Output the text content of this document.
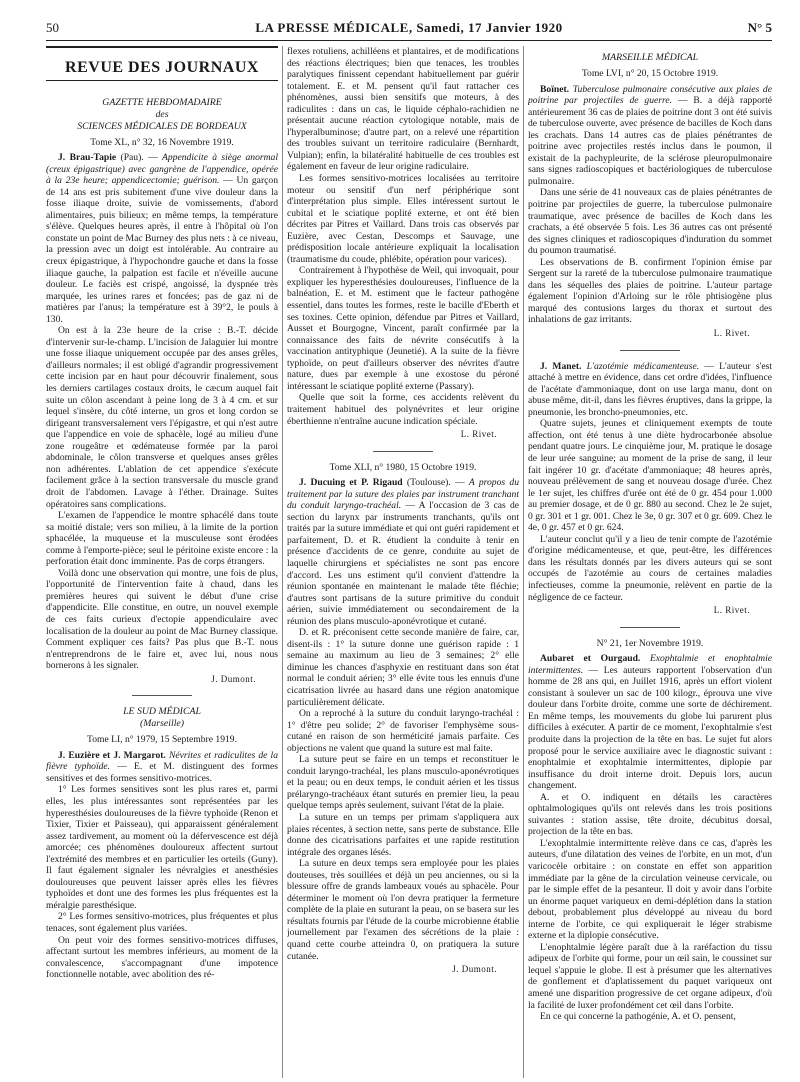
50	LA PRESSE MÉDICALE, Samedi, 17 Janvier 1920	N° 5
REVUE DES JOURNAUX
GAZETTE HEBDOMADAIRE
des
SCIENCES MÉDICALES DE BORDEAUX
Tome XL, n° 32, 16 Novembre 1919.

J. Brau-Tapie (Pau). — Appendicite à siège anormal (creux épigastrique) avec gangrène de l'appendice, opérée à la 23e heure; appendicectomie; guérison. — Un garçon de 14 ans est pris subitement d'une vive douleur dans la fosse iliaque droite, suivie de vomissements, d'abord alimentaires, puis bilieux; en même temps, la température s'élève. Quelques heures après, il entre à l'hôpital où l'on constate un point de Mac Burney des plus nets : à ce niveau, la pression avec un doigt est intolérable. Au contraire au creux épigastrique, à l'hypochondre gauche et dans la fosse iliaque gauche, la palpation est facile et n'éveille aucune douleur. Le faciès est crispé, angoissé, la dyspnée très marquée, les urines rares et foncées; pas de gaz ni de matières par l'anus; la température est à 39°2, le pouls à 130.

On est à la 23e heure de la crise : B.-T. décide d'intervenir sur-le-champ. L'incision de Jalaguier lui montre une fosse iliaque uniquement occupée par des anses grêles, d'ailleurs normales; il est obligé d'agrandir progressivement cette incision par en haut pour découvrir finalement, sous les derniers cartilages costaux droits, le cæcum auquel fait suite un côlon ascendant à peine long de 3 à 4 cm. et sur lequel s'insère, du côté interne, un gros et long cordon se dirigeant transversalement vers l'épigastre, et qui n'est autre que l'appendice en voie de sphacèle, logé au milieu d'une zone rougeâtre et œdémateuse formée par la paroi abdominale, le côlon transverse et quelques anses grêles non adhérentes. L'ablation de cet appendice s'exécute facilement grâce à la section transversale du muscle grand droit de l'abdomen. Lavage à l'éther. Drainage. Suites opératoires sans complications.

L'examen de l'appendice le montre sphacélé dans toute sa moitié distale; vers son milieu, à la limite de la portion sphacélée, la muqueuse et la musculeuse sont érodées comme à l'emporte-pièce; seul le péritoine existe encore : la perforation était donc imminente. Pas de corps étrangers.

Voilà donc une observation qui montre, une fois de plus, l'opportunité de l'intervention faite à chaud, dans les premières heures qui suivent le début d'une crise d'appendicite. Elle constitue, en outre, un nouvel exemple de ces faits curieux d'ectopie appendiculaire avec localisation de la douleur au point de Mac Burney classique. Comment expliquer ces faits? Pas plus que B.-T. nous n'entreprendrons de le faire et, avec lui, nous nous bornerons à les signaler.

J. Dumont.
LE SUD MÉDICAL
(Marseille)
Tome LI, n° 1979, 15 Septembre 1919.

J. Euzière et J. Margarot. Névrites et radiculites de la fièvre typhoïde. — E. et M. distinguent des formes sensitives et des formes sensitivo-motrices.

1° Les formes sensitives sont les plus rares et, parmi elles, les plus intéressantes sont représentées par les hyperesthésies douloureuses de la fièvre typhoïde (Renon et Tixier, Tixier et Paisseau), qui apparaissent généralement assez tardivement, au moment où la défervescence est déjà amorcée; ces phénomènes douloureux affectent surtout l'extrémité des membres et en particulier les orteils (Guny). Il faut également signaler les névralgies et anesthésies douloureuses que peuvent laisser après elles les fièvres typhoïdes et dont une des formes les plus fréquentes est la méralgie paresthésique.

2° Les formes sensitivo-motrices, plus fréquentes et plus tenaces, sont également plus variées.

On peut voir des formes sensitivo-motrices diffuses, affectant surtout les membres inférieurs, au moment de la convalescence, s'accompagnant d'une impotence fonctionnelle notable, avec abolition des ré-

flexes rotuliens, achilléens et plantaires, et de modifications des réactions électriques; bien que tenaces, les troubles paralytiques finissent cependant habituellement par guérir totalement. E. et M. pensent qu'il faut rattacher ces phénomènes, aussi bien sensitifs que moteurs, à des radiculites : dans un cas, le liquide céphalo-rachidien ne présentait aucune réaction cytologique notable, mais de l'hyperalbuminose; d'autre part, on a relevé une répartition des troubles suivant un territoire radiculaire (Bernhardt, Vulpian); enfin, la bilatéralité habituelle de ces troubles est également en faveur de leur origine radiculaire.

Les formes sensitivo-motrices localisées au territoire moteur ou sensitif d'un nerf périphérique sont d'interprétation plus simple. Elles intéressent surtout le cubital et le sciatique poplité externe, et ont été bien décrites par Pitres et Vaillard. Dans trois cas observés par Euzière, avec Cestan, Descomps et Sauvage, une prédisposition locale antérieure expliquait la localisation (traumatisme du coude, phlébite, opération pour varices).

Contrairement à l'hypothèse de Weil, qui invoquait, pour expliquer les hyperesthésies douloureuses, l'influence de la balnéation, E. et M. estiment que le facteur pathogène essentiel, dans toutes les formes, reste le bacille d'Eberth et ses toxines. Cette opinion, défendue par Pitres et Vaillard, Ausset et Bourgogne, Vincent, paraît confirmée par la connaissance des faits de névrite consécutifs à la vaccination antityphique (Jeunetié). A la suite de la fièvre typhoïde, on peut d'ailleurs observer des névrites d'autre nature, dues par exemple à une exostose du péroné intéressant le sciatique poplité externe (Passary).

Quelle que soit la forme, ces accidents relèvent du traitement habituel des polynévrites et leur origine éberthienne n'entraîne aucune indication spéciale.

L. Rivet.
Tome XLI, n° 1980, 15 Octobre 1919.

J. Ducuing et P. Rigaud (Toulouse). — A propos du traitement par la suture des plaies par instrument tranchant du conduit laryngo-trachéal. — A l'occasion de 3 cas de section du larynx par instruments tranchants, qu'ils ont traités par la suture immédiate et qui ont guéri rapidement et parfaitement, D. et R. étudient la conduite à tenir en présence d'accidents de ce genre, conduite au sujet de laquelle chirurgiens et spécialistes ne sont pas encore d'accord. Les uns estiment qu'il convient d'attendre la réunion spontanée en maintenant le malade tête fléchie; d'autres sont partisans de la suture primitive du conduit aérien, suivie immédiatement ou secondairement de la réunion des plans musculo-aponévrotique et cutané.

D. et R. préconisent cette seconde manière de faire, car, disent-ils : 1° la suture donne une guérison rapide : 1 semaine au maximum au lieu de 3 semaines; 2° elle diminue les chances d'asphyxie en restituant dans son état normal le conduit aérien; 3° elle évite tous les ennuis d'une cicatrisation livrée au hasard dans une région anatomique particulièrement délicate.

On a reproché à la suture du conduit laryngo-trachéal : 1° d'être peu solide; 2° de favoriser l'emphysème sous-cutané en raison de son herméticité jamais parfaite. Ces objections ne valent que quand la suture est mal faite.

La suture peut se faire en un temps et reconstituer le conduit laryngo-trachéal, les plans musculo-aponévrotiques et la peau; ou en deux temps, le conduit aérien et les tissus prélaryngo-trachéaux étant suturés en premier lieu, la peau quelque temps après seulement, suivant l'état de la plaie.

La suture en un temps per primam s'appliquera aux plaies récentes, à section nette, sans perte de substance. Elle donne des cicatrisations parfaites et une rapide restitution intégrale des organes lésés.

La suture en deux temps sera employée pour les plaies douteuses, très souillées et déjà un peu anciennes, ou si la blessure offre de grands lambeaux voués au sphacèle. Pour déterminer le moment où l'on devra pratiquer la fermeture complète de la plaie en suturant la peau, on se basera sur les résultats fournis par l'étude de la courbe microbienne établie journellement par l'examen des sécrétions de la plaie : quand cette courbe atteindra 0, on pratiquera la suture cutanée.

J. Dumont.
MARSEILLE MÉDICAL
Tome LVI, n° 20, 15 Octobre 1919.

Boïnet. Tuberculose pulmonaire consécutive aux plaies de poitrine par projectiles de guerre. — B. a déjà rapporté antérieurement 36 cas de plaies de poitrine dont 3 ont été suivis de tuberculose ouverte, avec présence de bacilles de Koch dans les crachats. Dans 14 autres cas de plaies pénétrantes de poitrine avec projectiles restés inclus dans le poumon, il existait de la pachypleurite, de la sclérose pleuropulmonaire sans signes radioscopiques et bactériologiques de tuberculose pulmonaire.

Dans une série de 41 nouveaux cas de plaies pénétrantes de poitrine par projectiles de guerre, la tuberculose pulmonaire traumatique, avec présence de bacilles de Koch dans les crachats, a été observée 5 fois. Les 36 autres cas ont présenté des signes cliniques et radioscopiques d'induration du sommet du poumon traumatisé.

Les observations de B. confirment l'opinion émise par Sergent sur la rareté de la tuberculose pulmonaire traumatique dans les séquelles des plaies de poitrine. L'auteur partage également l'opinion d'Arloing sur le rôle phtisiogène plus marqué des contusions larges du thorax et surtout des inhalations de gaz irritants.

L. Rivet.

J. Manet. L'azotémie médicamenteuse. — L'auteur s'est attaché à mettre en évidence, dans cet ordre d'idées, l'influence de l'acétate d'ammoniaque, dont on use larga manu, dont on abuse même, dit-il, dans les fièvres éruptives, dans la grippe, la pneumonie, les broncho-pneumonies, etc.

Quatre sujets, jeunes et cliniquement exempts de toute affection, ont été tenus à une diète hydrocarbonée absolue pendant quatre jours. Le cinquième jour, M. pratique le dosage de leur urée sanguine; au moment de la prise de sang, il leur fait ingérer 10 gr. d'acétate d'ammoniaque; 48 heures après, nouveau prélèvement de sang et nouveau dosage d'urée. Chez le 1er sujet, les chiffres d'urée ont été de 0 gr. 454 pour 1.000 au premier dosage, et de 0 gr. 880 au second. Chez le 2e sujet, 0 gr. 301 et 1 gr. 001. Chez le 3e, 0 gr. 307 et 0 gr. 609. Chez le 4e, 0 gr. 457 et 0 gr. 624.

L'auteur conclut qu'il y a lieu de tenir compte de l'azotémie d'origine médicamenteuse, et que, peut-être, les différences dans les résultats donnés par les divers auteurs qui se sont occupés de l'azotémie au cours de certaines maladies infectieuses, comme la pneumonie, relèvent en partie de la négligence de ce facteur.

L. Rivet.
N° 21, 1er Novembre 1919.

Aubaret et Ourgaud. Exophtalmie et enophtalmie intermittentes. — Les auteurs rapportent l'observation d'un homme de 28 ans qui, en Juillet 1916, après un effort violent consistant à soulever un sac de 100 kilogr., éprouva une vive douleur dans l'orbite droite, comme une sorte de déchirement. En même temps, les mouvements du globe lui parurent plus difficiles à exécuter. A partir de ce moment, l'exophtalmie s'est produite dans la projection de la tête en bas. Le sujet fut alors proposé pour le service auxiliaire avec le diagnostic suivant : enophtalmie et exophtalmie intermittentes, diplopie par insuffisance du droit interne droit. Depuis lors, aucun changement.

A. et O. indiquent en détails les caractères ophtalmologiques qu'ils ont relevés dans les trois positions suivantes : station assise, tête droite, décubitus dorsal, projection de la tête en bas.

L'exophtalmie intermittente relève dans ce cas, d'après les auteurs, d'une dilatation des veines de l'orbite, en un mot, d'un varicocèle orbitaire : on constate en effet son apparition immédiate par la gêne de la circulation veineuse cervicale, ou par le simple effet de la pesanteur. Il doit y avoir dans l'orbite un énorme paquet variqueux en demi-déplétion dans la station debout, probablement plus développé au niveau du bord interne de l'orbite, ce qui expliquerait le léger strabisme externe et la diplopie consécutive.

L'enophtalmie légère paraît due à la raréfaction du tissu adipeux de l'orbite qui forme, pour un œil sain, le coussinet sur lequel s'appuie le globe. Il est à présumer que les alternatives de gonflement et d'aplatissement du paquet variqueux ont amené une disparition progressive de cet organe adipeux, d'où la facilité de luxer profondément cet œil dans l'orbite.

En ce qui concerne la pathogénie, A. et O. pensent,
